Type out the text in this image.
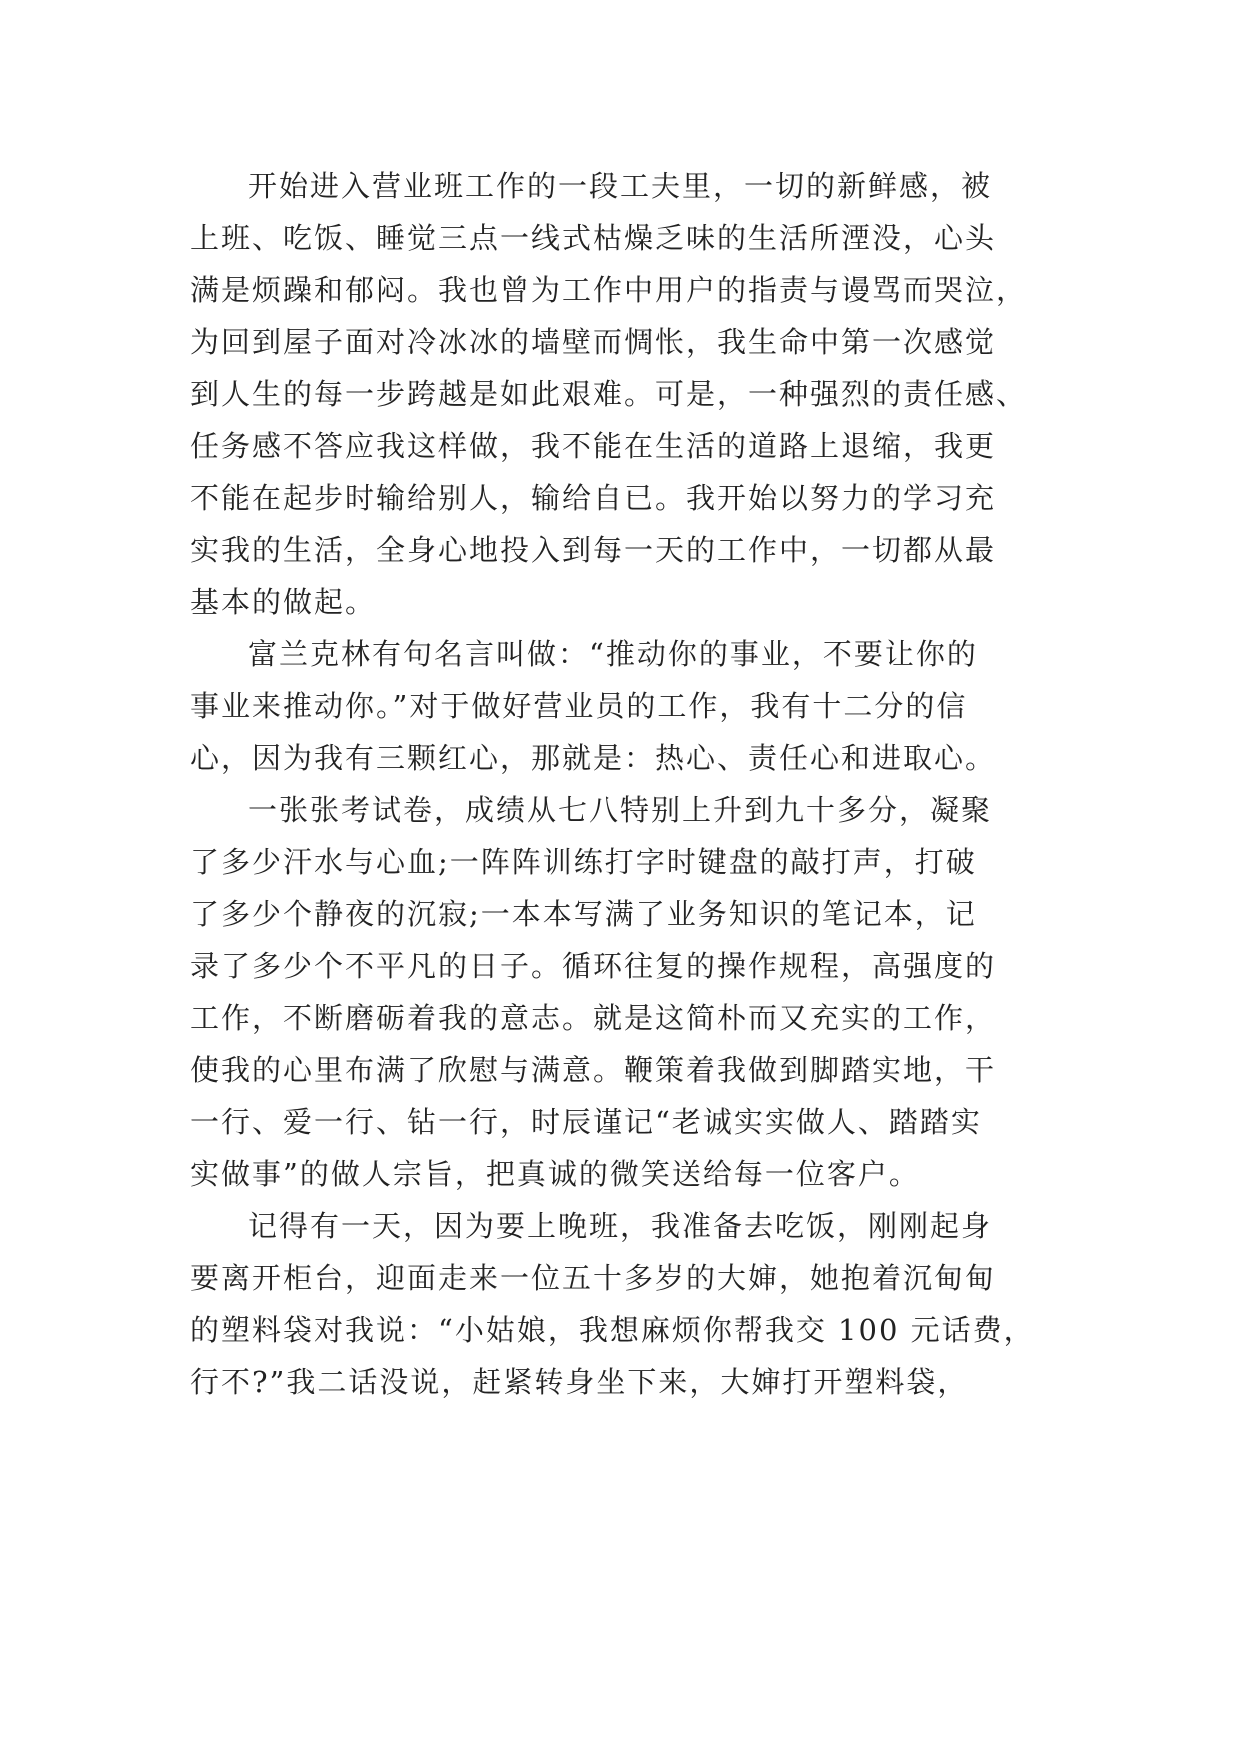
开始进入营业班工作的一段工夫里，一切的新鲜感，被
上班、吃饭、睡觉三点一线式枯燥乏味的生活所湮没，心头
满是烦躁和郁闷。我也曾为工作中用户的指责与谩骂而哭泣，
为回到屋子面对冷冰冰的墙壁而惆怅，我生命中第一次感觉
到人生的每一步跨越是如此艰难。可是，一种强烈的责任感、
任务感不答应我这样做，我不能在生活的道路上退缩，我更
不能在起步时输给别人，输给自已。我开始以努力的学习充
实我的生活，全身心地投入到每一天的工作中，一切都从最
基本的做起。
富兰克林有句名言叫做：“推动你的事业，不要让你的
事业来推动你。”对于做好营业员的工作，我有十二分的信
心，因为我有三颗红心，那就是：热心、责任心和进取心。
一张张考试卷，成绩从七八特别上升到九十多分，凝聚
了多少汗水与心血;一阵阵训练打字时键盘的敲打声，打破
了多少个静夜的沉寂;一本本写满了业务知识的笔记本，记
录了多少个不平凡的日子。循环往复的操作规程，高强度的
工作，不断磨砺着我的意志。就是这简朴而又充实的工作，
使我的心里布满了欣慰与满意。鞭策着我做到脚踏实地，干
一行、爱一行、钻一行，时辰谨记“老诚实实做人、踏踏实
实做事”的做人宗旨，把真诚的微笑送给每一位客户。
记得有一天，因为要上晚班，我准备去吃饭，刚刚起身
要离开柜台，迎面走来一位五十多岁的大婶，她抱着沉甸甸
的塑料袋对我说：“小姑娘，我想麻烦你帮我交 100 元话费，
行不?”我二话没说，赶紧转身坐下来，大婶打开塑料袋，
